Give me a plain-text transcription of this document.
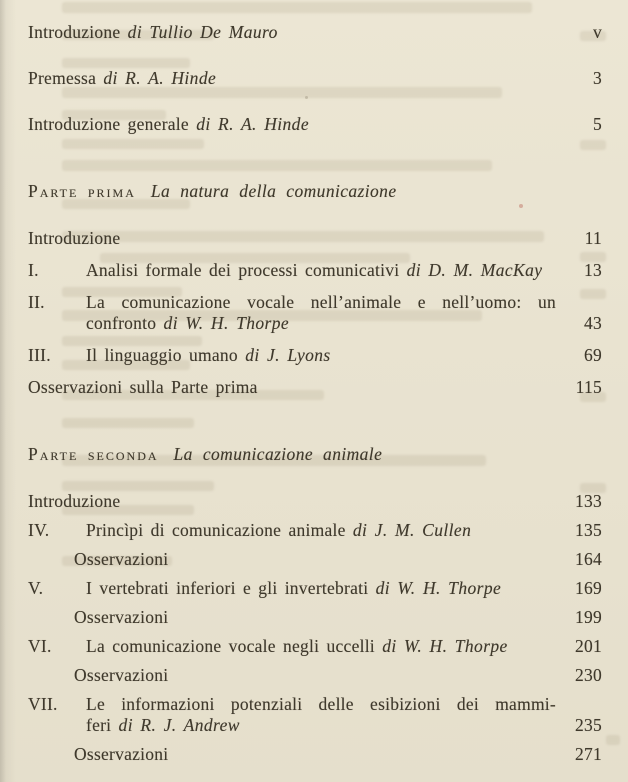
Introduzione di Tullio De Mauro	v
Premessa di R. A. Hinde	3
Introduzione generale di R. A. Hinde	5
Parte prima La natura della comunicazione
Introduzione	11
I.	Analisi formale dei processi comunicativi di D. M. MacKay	13
II.	La comunicazione vocale nell’animale e nell’uomo: un
confronto di W. H. Thorpe	43
III.	Il linguaggio umano di J. Lyons	69
Osservazioni sulla Parte prima	115
Parte seconda La comunicazione animale
Introduzione	133
IV.	Princìpi di comunicazione animale di J. M. Cullen	135
Osservazioni	164
V.	I vertebrati inferiori e gli invertebrati di W. H. Thorpe	169
Osservazioni	199
VI.	La comunicazione vocale negli uccelli di W. H. Thorpe	201
Osservazioni	230
VII.	Le informazioni potenziali delle esibizioni dei mammi-
feri di R. J. Andrew	235
Osservazioni	271
